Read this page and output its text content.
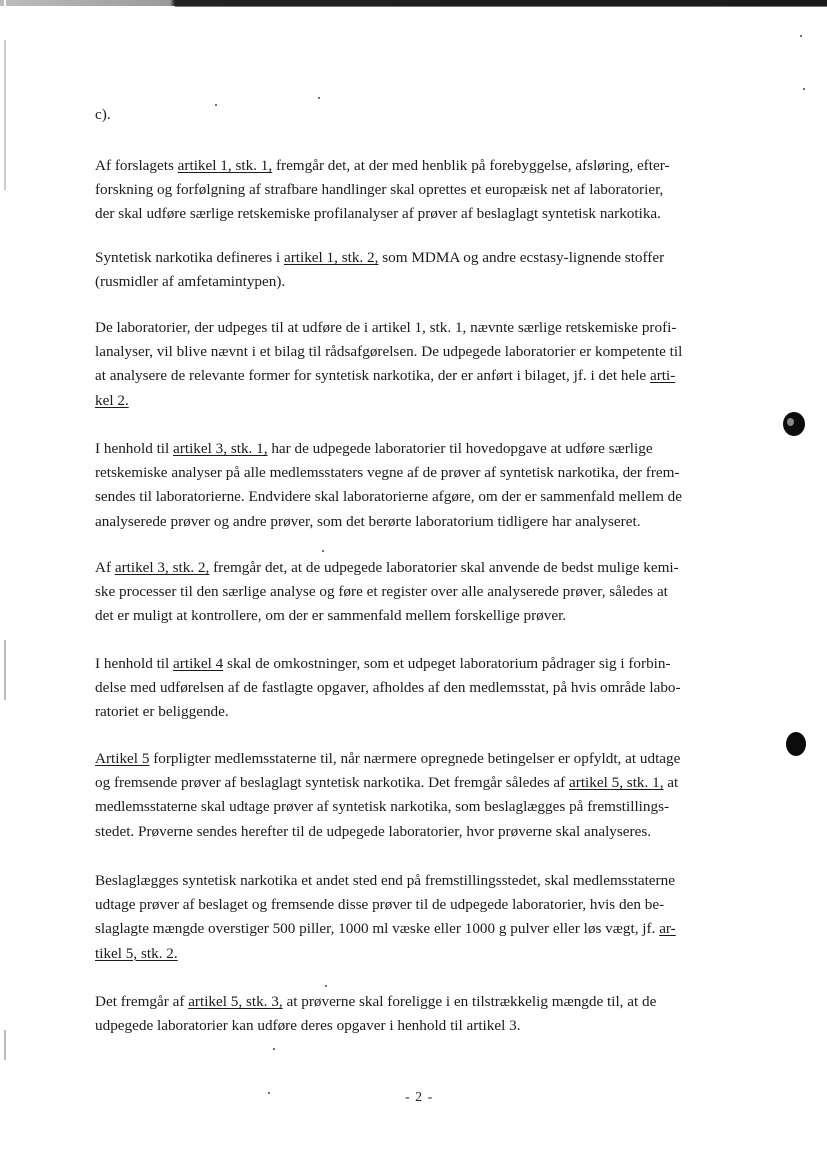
c).

Af forslagets artikel 1, stk. 1, fremgår det, at der med henblik på forebyggelse, afsløring, efter-
forskning og forfølgning af strafbare handlinger skal oprettes et europæisk net af laboratorier,
der skal udføre særlige retskemiske profilanalyser af prøver af beslaglagt syntetisk narkotika.

Syntetisk narkotika defineres i artikel 1, stk. 2, som MDMA og andre ecstasy-lignende stoffer
(rusmidler af amfetamintypen).

De laboratorier, der udpeges til at udføre de i artikel 1, stk. 1, nævnte særlige retskemiske profi-
lanalyser, vil blive nævnt i et bilag til rådsafgørelsen. De udpegede laboratorier er kompetente til
at analysere de relevante former for syntetisk narkotika, der er anført i bilaget, jf. i det hele arti-
kel 2.

I henhold til artikel 3, stk. 1, har de udpegede laboratorier til hovedopgave at udføre særlige
retskemiske analyser på alle medlemsstaters vegne af de prøver af syntetisk narkotika, der frem-
sendes til laboratorierne. Endvidere skal laboratorierne afgøre, om der er sammenfald mellem de
analyserede prøver og andre prøver, som det berørte laboratorium tidligere har analyseret.

Af artikel 3, stk. 2, fremgår det, at de udpegede laboratorier skal anvende de bedst mulige kemi-
ske processer til den særlige analyse og føre et register over alle analyserede prøver, således at
det er muligt at kontrollere, om der er sammenfald mellem forskellige prøver.

I henhold til artikel 4 skal de omkostninger, som et udpeget laboratorium pådrager sig i forbin-
delse med udførelsen af de fastlagte opgaver, afholdes af den medlemsstat, på hvis område labo-
ratoriet er beliggende.

Artikel 5 forpligter medlemsstaterne til, når nærmere opregnede betingelser er opfyldt, at udtage
og fremsende prøver af beslaglagt syntetisk narkotika. Det fremgår således af artikel 5, stk. 1, at
medlemsstaterne skal udtage prøver af syntetisk narkotika, som beslaglægges på fremstillings-
stedet. Prøverne sendes herefter til de udpegede laboratorier, hvor prøverne skal analyseres.

Beslaglægges syntetisk narkotika et andet sted end på fremstillingsstedet, skal medlemsstaterne
udtage prøver af beslaget og fremsende disse prøver til de udpegede laboratorier, hvis den be-
slaglagte mængde overstiger 500 piller, 1000 ml væske eller 1000 g pulver eller løs vægt, jf. ar-
tikel 5, stk. 2.

Det fremgår af artikel 5, stk. 3, at prøverne skal foreligge i en tilstrækkelig mængde til, at de
udpegede laboratorier kan udføre deres opgaver i henhold til artikel 3.

- 2 -
